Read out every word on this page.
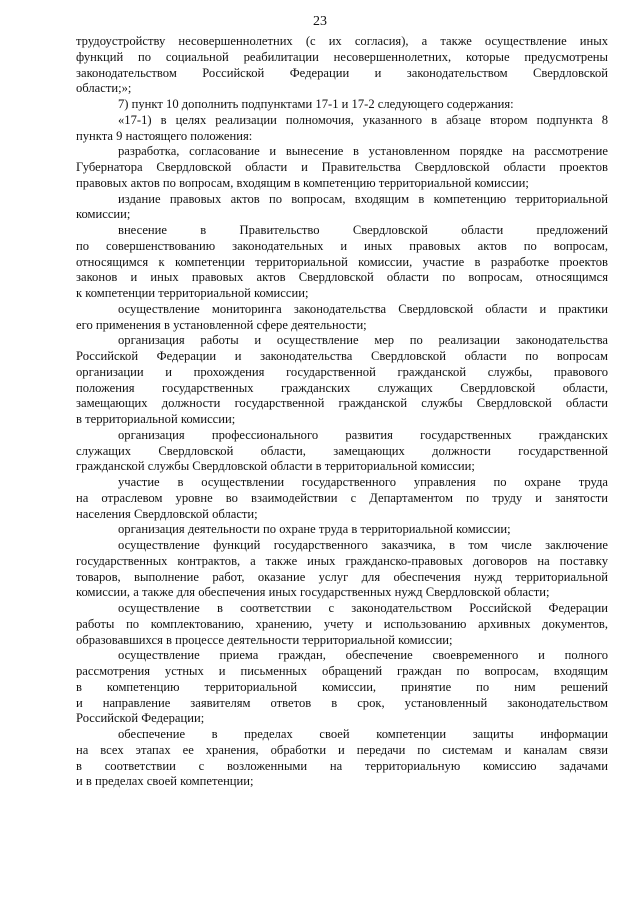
23
трудоустройству несовершеннолетних (с их согласия), а также осуществление иных
функций по социальной реабилитации несовершеннолетних, которые предусмотрены
законодательством Российской Федерации и законодательством Свердловской
области;»;
7) пункт 10 дополнить подпунктами 17-1 и 17-2 следующего содержания:
«17-1) в целях реализации полномочия, указанного в абзаце втором подпункта 8
пункта 9 настоящего положения:
разработка, согласование и вынесение в установленном порядке на рассмотрение
Губернатора Свердловской области и Правительства Свердловской области проектов
правовых актов по вопросам, входящим в компетенцию территориальной комиссии;
издание правовых актов по вопросам, входящим в компетенцию территориальной
комиссии;
внесение в Правительство Свердловской области предложений
по совершенствованию законодательных и иных правовых актов по вопросам,
относящимся к компетенции территориальной комиссии, участие в разработке проектов
законов и иных правовых актов Свердловской области по вопросам, относящимся
к компетенции территориальной комиссии;
осуществление мониторинга законодательства Свердловской области и практики
его применения в установленной сфере деятельности;
организация работы и осуществление мер по реализации законодательства
Российской Федерации и законодательства Свердловской области по вопросам
организации и прохождения государственной гражданской службы, правового
положения государственных гражданских служащих Свердловской области,
замещающих должности государственной гражданской службы Свердловской области
в территориальной комиссии;
организация профессионального развития государственных гражданских
служащих Свердловской области, замещающих должности государственной
гражданской службы Свердловской области в территориальной комиссии;
участие в осуществлении государственного управления по охране труда
на отраслевом уровне во взаимодействии с Департаментом по труду и занятости
населения Свердловской области;
организация деятельности по охране труда в территориальной комиссии;
осуществление функций государственного заказчика, в том числе заключение
государственных контрактов, а также иных гражданско-правовых договоров на поставку
товаров, выполнение работ, оказание услуг для обеспечения нужд территориальной
комиссии, а также для обеспечения иных государственных нужд Свердловской области;
осуществление в соответствии с законодательством Российской Федерации
работы по комплектованию, хранению, учету и использованию архивных документов,
образовавшихся в процессе деятельности территориальной комиссии;
осуществление приема граждан, обеспечение своевременного и полного
рассмотрения устных и письменных обращений граждан по вопросам, входящим
в компетенцию территориальной комиссии, принятие по ним решений
и направление заявителям ответов в срок, установленный законодательством
Российской Федерации;
обеспечение в пределах своей компетенции защиты информации
на всех этапах ее хранения, обработки и передачи по системам и каналам связи
в соответствии с возложенными на территориальную комиссию задачами
и в пределах своей компетенции;
